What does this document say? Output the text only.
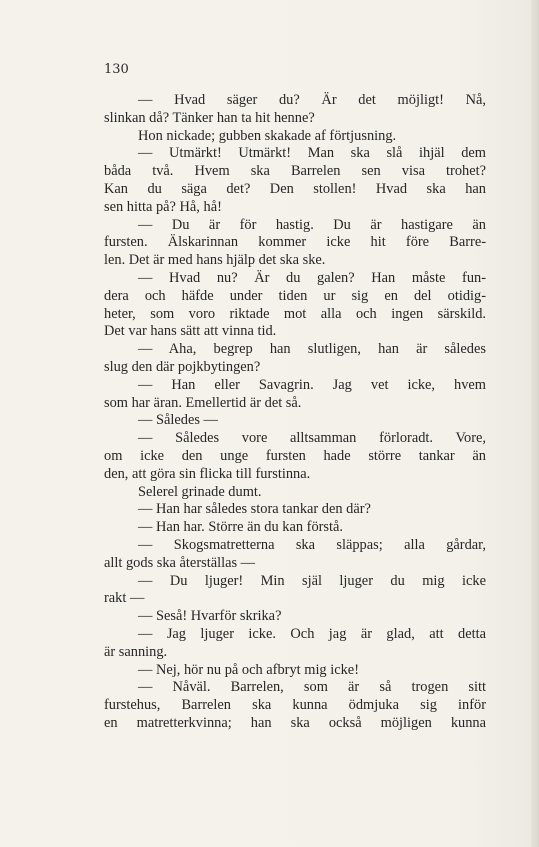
130
— Hvad säger du? Är det möjligt! Nå,
slinkan då? Tänker han ta hit henne?
Hon nickade; gubben skakade af förtjusning.
— Utmärkt! Utmärkt! Man ska slå ihjäl dem
båda två. Hvem ska Barrelen sen visa trohet?
Kan du säga det? Den stollen! Hvad ska han
sen hitta på? Hå, hå!
— Du är för hastig. Du är hastigare än
fursten. Älskarinnan kommer icke hit före Barre-
len. Det är med hans hjälp det ska ske.
— Hvad nu? Är du galen? Han måste fun-
dera och häfde under tiden ur sig en del otidig-
heter, som voro riktade mot alla och ingen särskild.
Det var hans sätt att vinna tid.
— Aha, begrep han slutligen, han är således
slug den där pojkbytingen?
— Han eller Savagrin. Jag vet icke, hvem
som har äran. Emellertid är det så.
— Således —
— Således vore alltsamman förloradt. Vore,
om icke den unge fursten hade större tankar än
den, att göra sin flicka till furstinna.
Selerel grinade dumt.
— Han har således stora tankar den där?
— Han har. Större än du kan förstå.
— Skogsmatretterna ska släppas; alla gårdar,
allt gods ska återställas —
— Du ljuger! Min själ ljuger du mig icke
rakt —
— Seså! Hvarför skrika?
— Jag ljuger icke. Och jag är glad, att detta
är sanning.
— Nej, hör nu på och afbryt mig icke!
— Nåväl. Barrelen, som är så trogen sitt
furstehus, Barrelen ska kunna ödmjuka sig inför
en matretterkvinna; han ska också möjligen kunna
